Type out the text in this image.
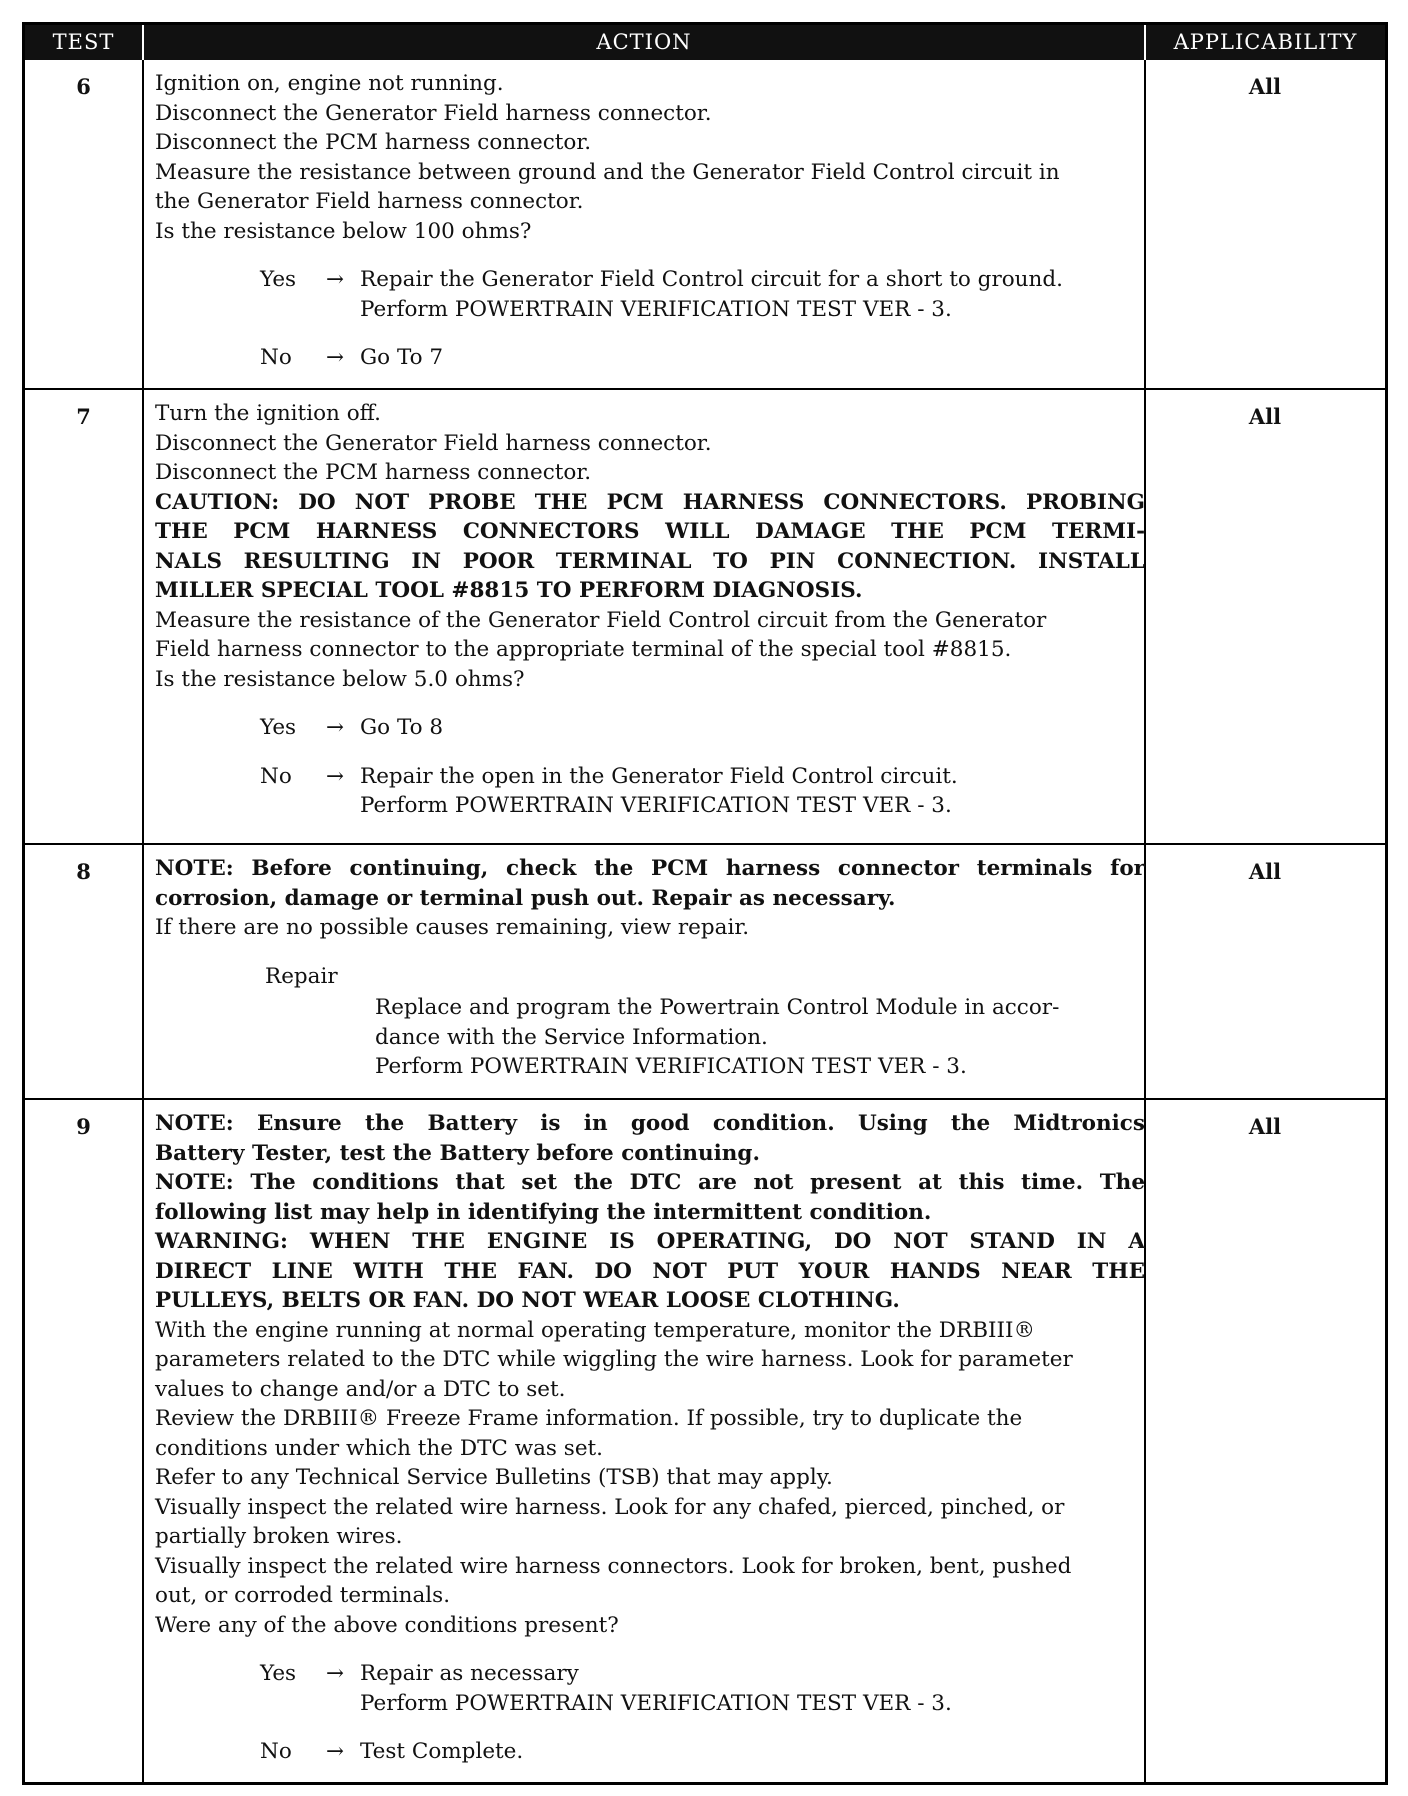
TEST	ACTION	APPLICABILITY
6	Ignition on, engine not running.
Disconnect the Generator Field harness connector.
Disconnect the PCM harness connector.
Measure the resistance between ground and the Generator Field Control circuit in
the Generator Field harness connector.
Is the resistance below 100 ohms?
Yes	→ Repair the Generator Field Control circuit for a short to ground.
Perform POWERTRAIN VERIFICATION TEST VER - 3.
No	→ Go To 7
All
7	Turn the ignition off.
Disconnect the Generator Field harness connector.
Disconnect the PCM harness connector.
CAUTION: DO NOT PROBE THE PCM HARNESS CONNECTORS. PROBING
THE PCM HARNESS CONNECTORS WILL DAMAGE THE PCM TERMI-
NALS RESULTING IN POOR TERMINAL TO PIN CONNECTION. INSTALL
MILLER SPECIAL TOOL #8815 TO PERFORM DIAGNOSIS.
Measure the resistance of the Generator Field Control circuit from the Generator
Field harness connector to the appropriate terminal of the special tool #8815.
Is the resistance below 5.0 ohms?
Yes	→ Go To 8
No	→ Repair the open in the Generator Field Control circuit.
Perform POWERTRAIN VERIFICATION TEST VER - 3.
All
8	NOTE: Before continuing, check the PCM harness connector terminals for
corrosion, damage or terminal push out. Repair as necessary.
If there are no possible causes remaining, view repair.
Repair
Replace and program the Powertrain Control Module in accor-
dance with the Service Information.
Perform POWERTRAIN VERIFICATION TEST VER - 3.
All
9	NOTE: Ensure the Battery is in good condition. Using the Midtronics
Battery Tester, test the Battery before continuing.
NOTE: The conditions that set the DTC are not present at this time. The
following list may help in identifying the intermittent condition.
WARNING: WHEN THE ENGINE IS OPERATING, DO NOT STAND IN A
DIRECT LINE WITH THE FAN. DO NOT PUT YOUR HANDS NEAR THE
PULLEYS, BELTS OR FAN. DO NOT WEAR LOOSE CLOTHING.
With the engine running at normal operating temperature, monitor the DRBIII®
parameters related to the DTC while wiggling the wire harness. Look for parameter
values to change and/or a DTC to set.
Review the DRBIII® Freeze Frame information. If possible, try to duplicate the
conditions under which the DTC was set.
Refer to any Technical Service Bulletins (TSB) that may apply.
Visually inspect the related wire harness. Look for any chafed, pierced, pinched, or
partially broken wires.
Visually inspect the related wire harness connectors. Look for broken, bent, pushed
out, or corroded terminals.
Were any of the above conditions present?
Yes	→ Repair as necessary
Perform POWERTRAIN VERIFICATION TEST VER - 3.
No	→ Test Complete.
All
